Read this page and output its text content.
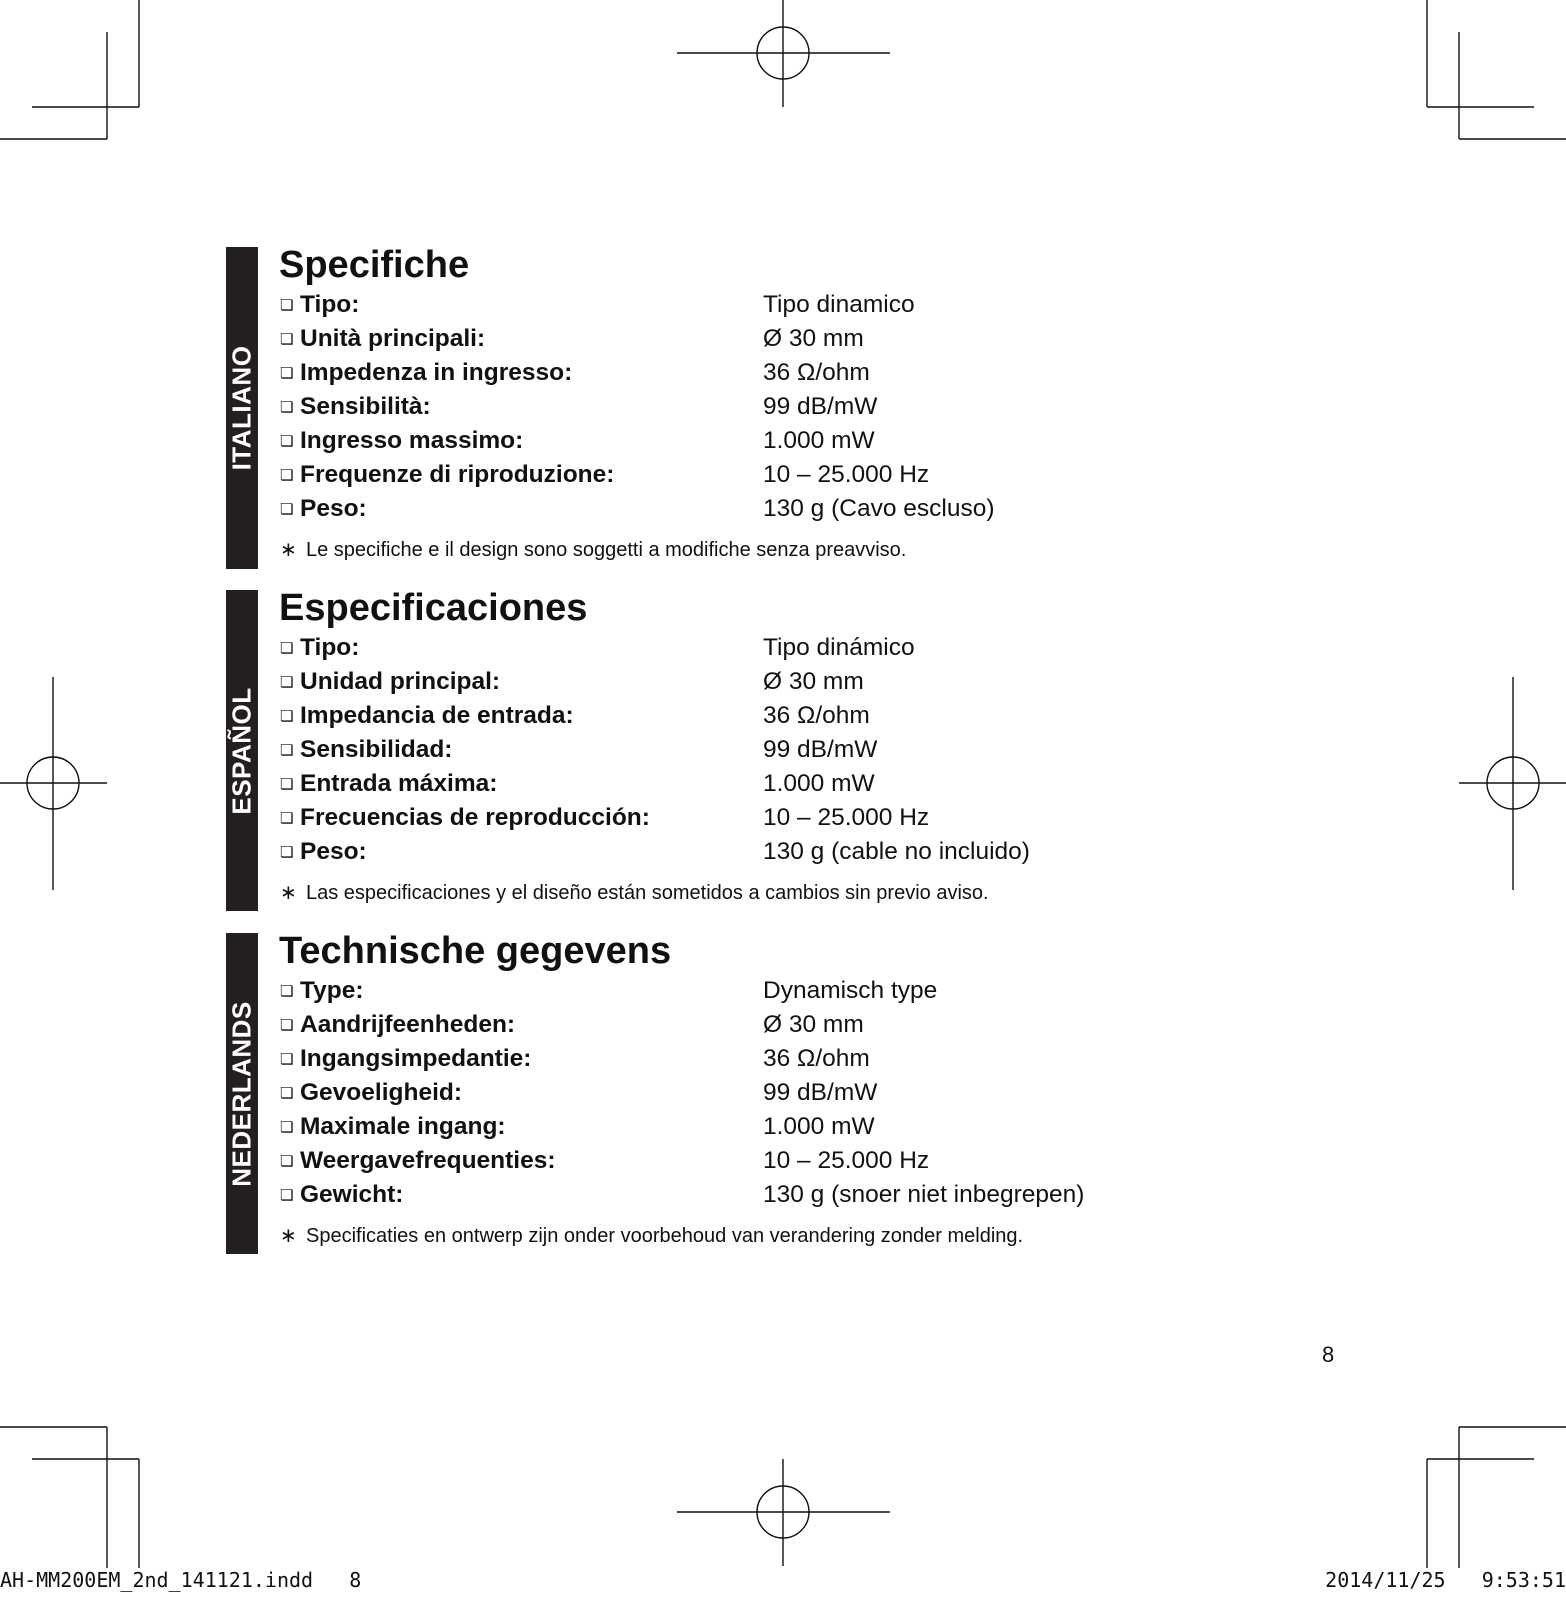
ITALIANO
Specifiche
❏ Tipo:	Tipo dinamico
❏ Unità principali:	Ø 30 mm
❏ Impedenza in ingresso:	36 Ω/ohm
❏ Sensibilità:	99 dB/mW
❏ Ingresso massimo:	1.000 mW
❏ Frequenze di riproduzione:	10 – 25.000 Hz
❏ Peso:	130 g (Cavo escluso)
∗ Le specifiche e il design sono soggetti a modifiche senza preavviso.
ESPAÑOL
Especificaciones
❏ Tipo:	Tipo dinámico
❏ Unidad principal:	Ø 30 mm
❏ Impedancia de entrada:	36 Ω/ohm
❏ Sensibilidad:	99 dB/mW
❏ Entrada máxima:	1.000 mW
❏ Frecuencias de reproducción:	10 – 25.000 Hz
❏ Peso:	130 g (cable no incluido)
∗ Las especificaciones y el diseño están sometidos a cambios sin previo aviso.
NEDERLANDS
Technische gegevens
❏ Type:	Dynamisch type
❏ Aandrijfeenheden:	Ø 30 mm
❏ Ingangsimpedantie:	36 Ω/ohm
❏ Gevoeligheid:	99 dB/mW
❏ Maximale ingang:	1.000 mW
❏ Weergavefrequenties:	10 – 25.000 Hz
❏ Gewicht:	130 g (snoer niet inbegrepen)
∗ Specificaties en ontwerp zijn onder voorbehoud van verandering zonder melding.
8
AH-MM200EM_2nd_141121.indd   8	2014/11/25   9:53:51
